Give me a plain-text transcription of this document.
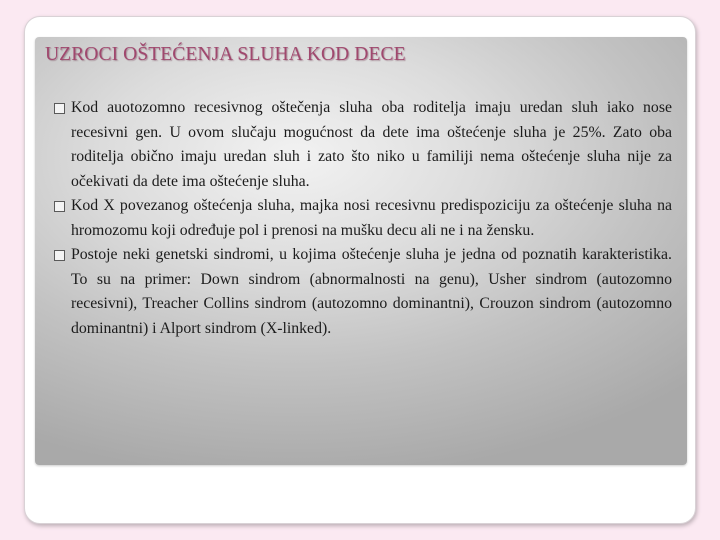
UZROCI OŠTEĆENJA SLUHA KOD DECE
Kod auotozomno recesivnog oštečenja sluha oba roditelja imaju uredan sluh iako nose recesivni gen. U ovom slučaju mogućnost da dete ima oštećenje sluha je 25%. Zato oba roditelja obično imaju uredan sluh i zato što niko u familiji nema oštećenje sluha nije za očekivati da dete ima oštećenje sluha.
Kod X povezanog oštećenja sluha, majka nosi recesivnu predispoziciju za oštećenje sluha na hromozomu koji određuje pol i prenosi na mušku decu ali ne i na žensku.
Postoje neki genetski sindromi, u kojima oštećenje sluha je jedna od poznatih karakteristika. To su na primer: Down sindrom (abnormalnosti na genu), Usher sindrom (autozomno recesivni), Treacher Collins sindrom (autozomno dominantni), Crouzon sindrom (autozomno dominantni) i Alport sindrom (X-linked).
